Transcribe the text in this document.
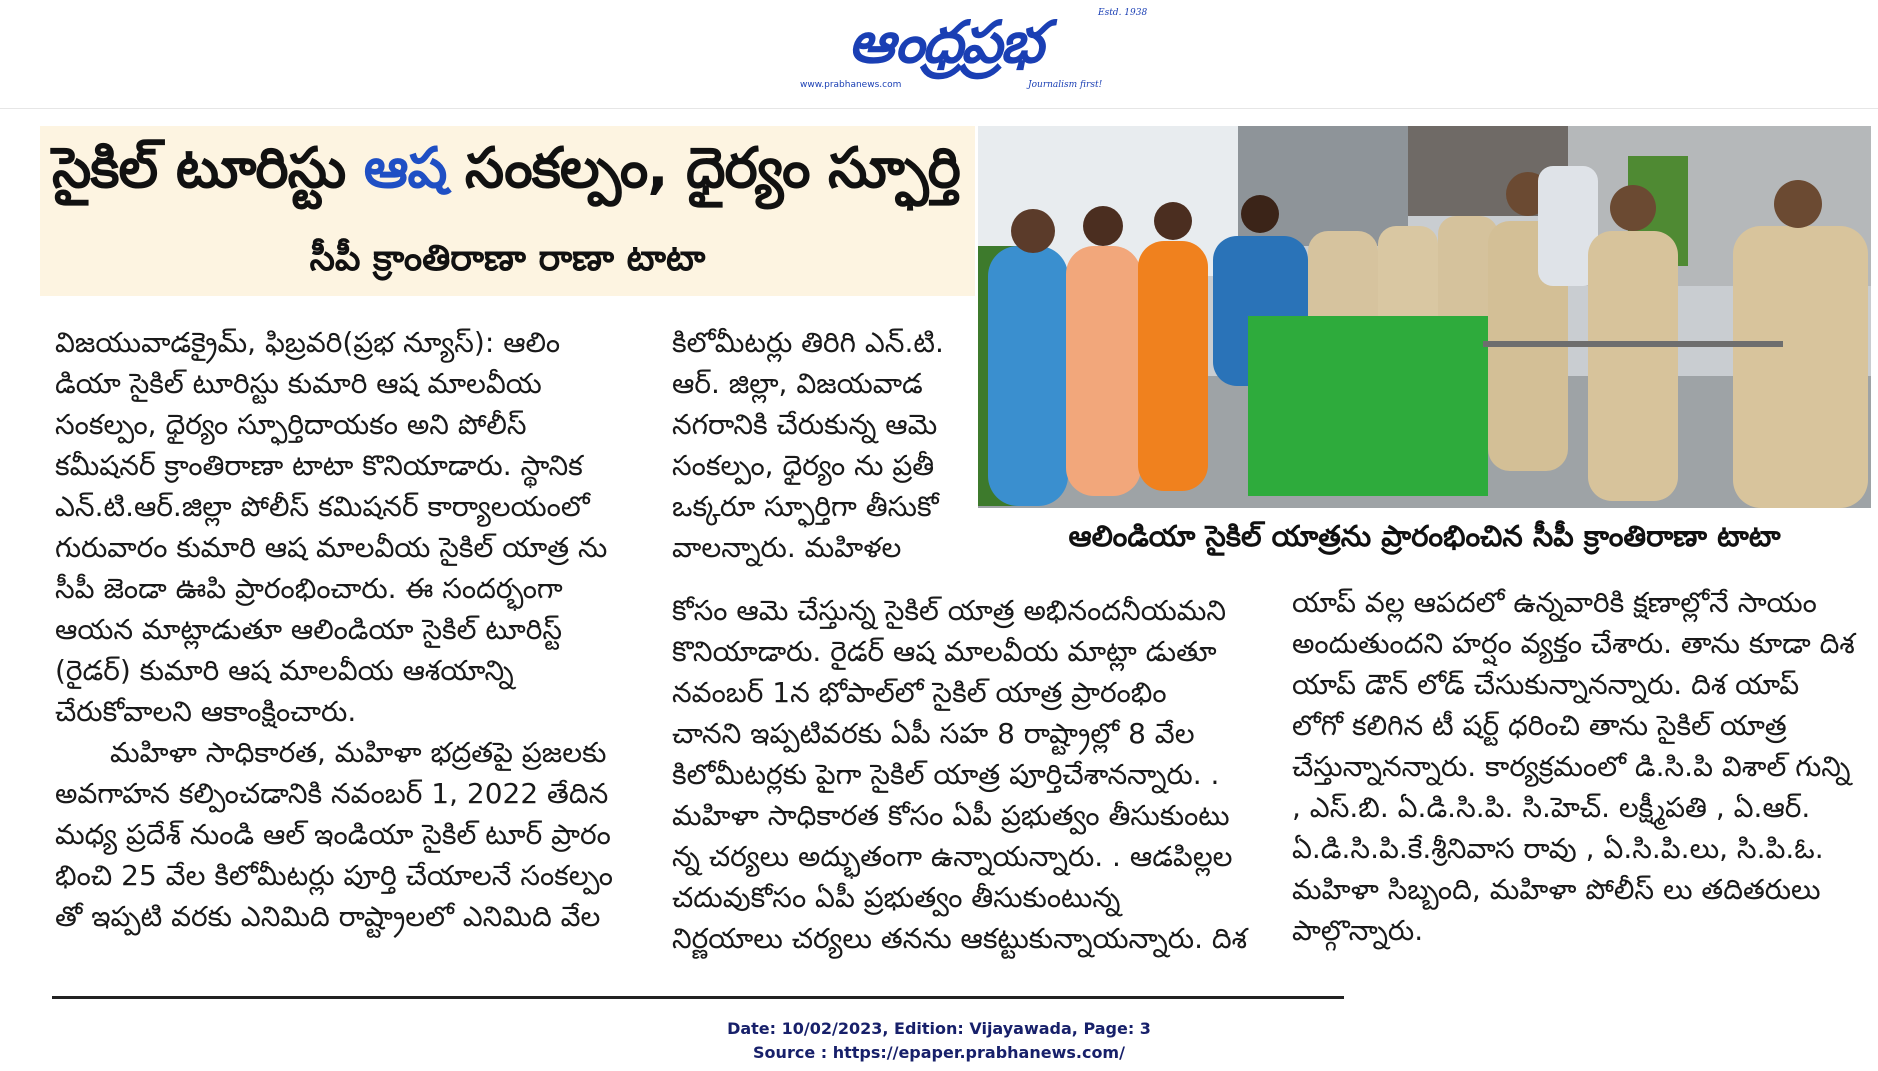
ఆంధ్రప్రభ	Estd. 1938
www.prabhanews.com	Journalism first!
సైకిల్ టూరిస్టు ఆష సంకల్పం, ధైర్యం స్ఫూర్తి
సీపీ క్రాంతిరాణా రాణా టాటా
ఆలిండియా సైకిల్ యాత్రను ప్రారంభించిన సీపీ క్రాంతిరాణా టాటా

విజయువాడక్రైమ్, ఫిబ్రవరి(ప్రభ న్యూస్): ఆలిం

డియా సైకిల్ టూరిస్టు కుమారి ఆష మాలవీయ

సంకల్పం, ధైర్యం స్ఫూర్తిదాయకం అని పోలీస్

కమీషనర్ క్రాంతిరాణా టాటా కొనియాడారు. స్థానిక

ఎన్.టి.ఆర్.జిల్లా పోలీస్ కమిషనర్ కార్యాలయంలో

గురువారం కుమారి ఆష మాలవీయ సైకిల్ యాత్ర ను

సీపీ జెండా ఊపి ప్రారంభించారు. ఈ సందర్భంగా

ఆయన మాట్లాడుతూ ఆలిండియా సైకిల్ టూరిస్ట్

(రైడర్) కుమారి ఆష మాలవీయ ఆశయాన్ని

చేరుకోవాలని ఆకాంక్షించారు.

మహిళా సాధికారత, మహిళా భద్రతపై ప్రజలకు

అవగాహన కల్పించడానికి నవంబర్ 1, 2022 తేదిన

మధ్య ప్రదేశ్ నుండి ఆల్ ఇండియా సైకిల్ టూర్ ప్రారం

భించి 25 వేల కిలోమీటర్లు పూర్తి చేయాలనే సంకల్పం

తో ఇప్పటి వరకు ఎనిమిది రాష్ట్రాలలో ఎనిమిది వేల

కిలోమీటర్లు తిరిగి ఎన్.టి.

ఆర్. జిల్లా, విజయవాడ

నగరానికి చేరుకున్న ఆమె

సంకల్పం, ధైర్యం ను ప్రతీ

ఒక్కరూ స్ఫూర్తిగా తీసుకో

వాలన్నారు. మహిళల

కోసం ఆమె చేస్తున్న సైకిల్ యాత్ర అభినందనీయమని

కొనియాడారు. రైడర్ ఆష మాలవీయ మాట్లా డుతూ

నవంబర్ 1న భోపాల్‌లో సైకిల్ యాత్ర ప్రారంభిం

చానని ఇప్పటివరకు ఏపీ సహ 8 రాష్ట్రాల్లో 8 వేల

కిలోమీటర్లకు పైగా సైకిల్ యాత్ర పూర్తిచేశానన్నారు. .

మహిళా సాధికారత కోసం ఏపీ ప్రభుత్వం తీసుకుంటు

న్న చర్యలు అద్భుతంగా ఉన్నాయన్నారు. . ఆడపిల్లల

చదువుకోసం ఏపీ ప్రభుత్వం తీసుకుంటున్న

నిర్ణయాలు చర్యలు తనను ఆకట్టుకున్నాయన్నారు. దిశ

యాప్ వల్ల ఆపదలో ఉన్నవారికి క్షణాల్లోనే సాయం

అందుతుందని హర్షం వ్యక్తం చేశారు. తాను కూడా దిశ

యాప్ డౌన్ లోడ్ చేసుకున్నానన్నారు. దిశ యాప్

లోగో కలిగిన టీ షర్ట్ ధరించి తాను సైకిల్ యాత్ర

చేస్తున్నానన్నారు. కార్యక్రమంలో డి.సి.పి విశాల్ గున్ని

, ఎస్.బి. ఏ.డి.సి.పి. సి.హెచ్. లక్ష్మీపతి , ఏ.ఆర్.

ఏ.డి.సి.పి.కే.శ్రీనివాస రావు , ఏ.సి.పి.లు, సి.పి.ఓ.

మహిళా సిబ్బంది, మహిళా పోలీస్ లు తదితరులు

పాల్గొన్నారు.

Date: 10/02/2023, Edition: Vijayawada, Page: 3
Source : https://epaper.prabhanews.com/
